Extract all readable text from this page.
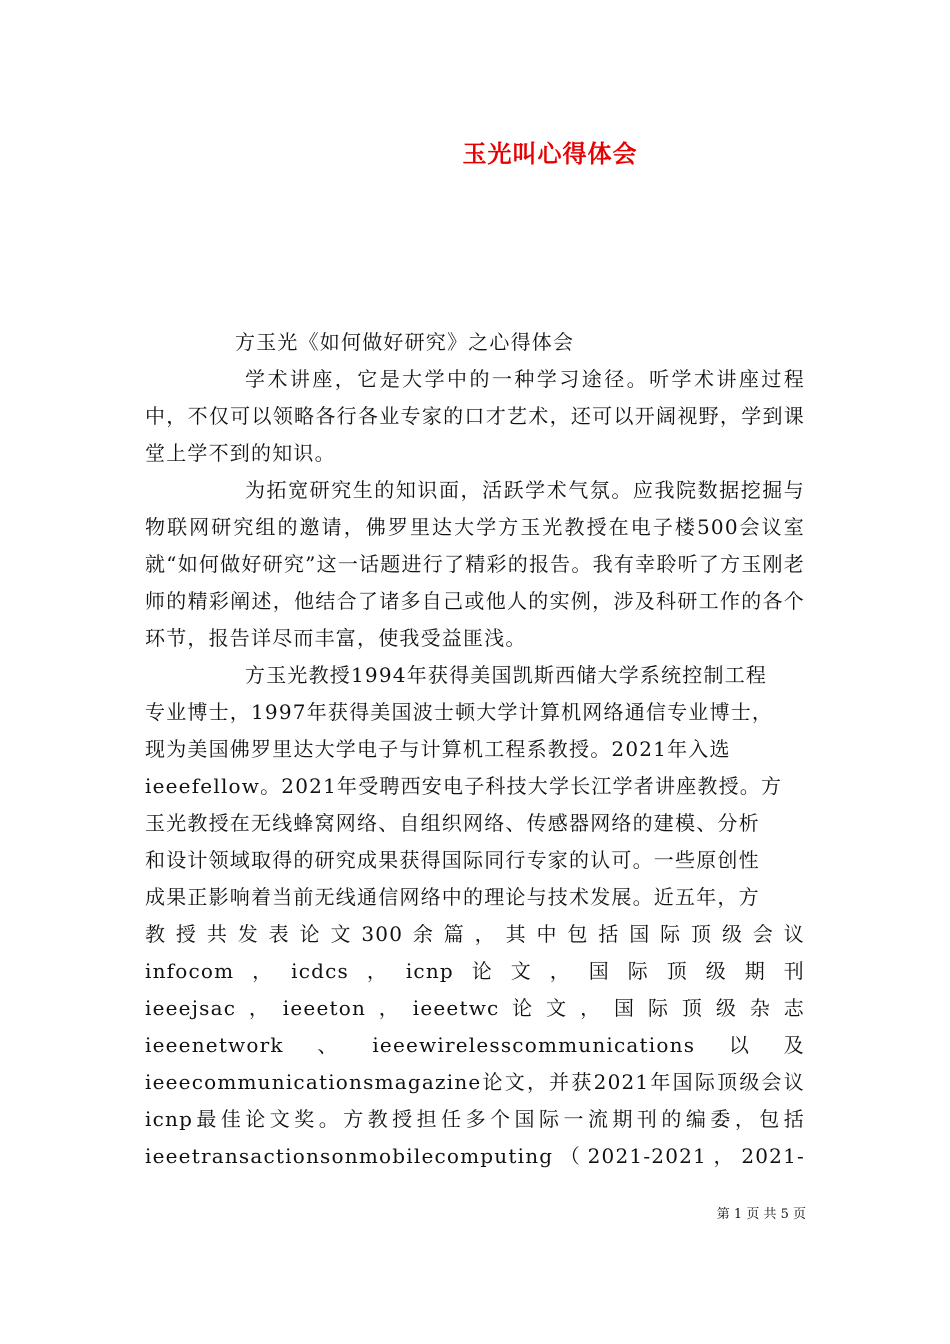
玉光叫心得体会

方玉光《如何做好研究》之心得体会

学术讲座，它是大学中的一种学习途径。听学术讲座过程中，不仅可以领略各行各业专家的口才艺术，还可以开阔视野，学到课堂上学不到的知识。

为拓宽研究生的知识面，活跃学术气氛。应我院数据挖掘与物联网研究组的邀请，佛罗里达大学方玉光教授在电子楼500会议室就“如何做好研究”这一话题进行了精彩的报告。我有幸聆听了方玉刚老师的精彩阐述，他结合了诸多自己或他人的实例，涉及科研工作的各个环节，报告详尽而丰富，使我受益匪浅。

方玉光教授1994年获得美国凯斯西储大学系统控制工程
专业博士，1997年获得美国波士顿大学计算机网络通信专业博士，
现为美国佛罗里达大学电子与计算机工程系教授。2021年入选
ieeefellow。2021年受聘西安电子科技大学长江学者讲座教授。方
玉光教授在无线蜂窝网络、自组织网络、传感器网络的建模、分析
和设计领域取得的研究成果获得国际同行专家的认可。一些原创性
成果正影响着当前无线通信网络中的理论与技术发展。近五年，方
教授共发表论文300余篇，其中包括国际顶级会议
infocom，icdcs，icnp论文，国际顶级期刊
ieeejsac，ieeeton，ieeetwc论文，国际顶级杂志
ieeenetwork、ieeewirelesscommunications以及
ieeecommunicationsmagazine论文，并获2021年国际顶级会议
icnp最佳论文奖。方教授担任多个国际一流期刊的编委，包括
ieeetransactionsonmobilecomputing（2021-2021，2021-
第 1 页 共 5 页
